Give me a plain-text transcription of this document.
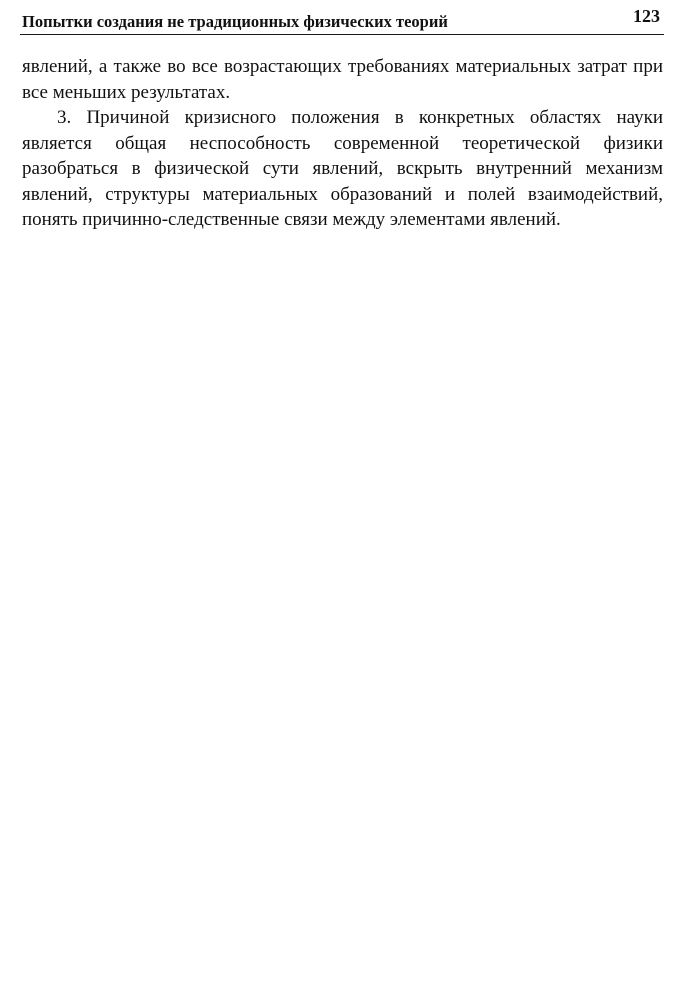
Попытки создания не традиционных физических теорий	123

явлений, а также во все возрастающих требованиях материальных затрат при все меньших результатах.

3. Причиной кризисного положения в конкретных областях науки является общая неспособность современной теоретической физики разобраться в физической сути явлений, вскрыть внутренний механизм явлений, структуры материальных образований и полей взаимодействий, понять причинно-следственные связи между элементами явлений.
